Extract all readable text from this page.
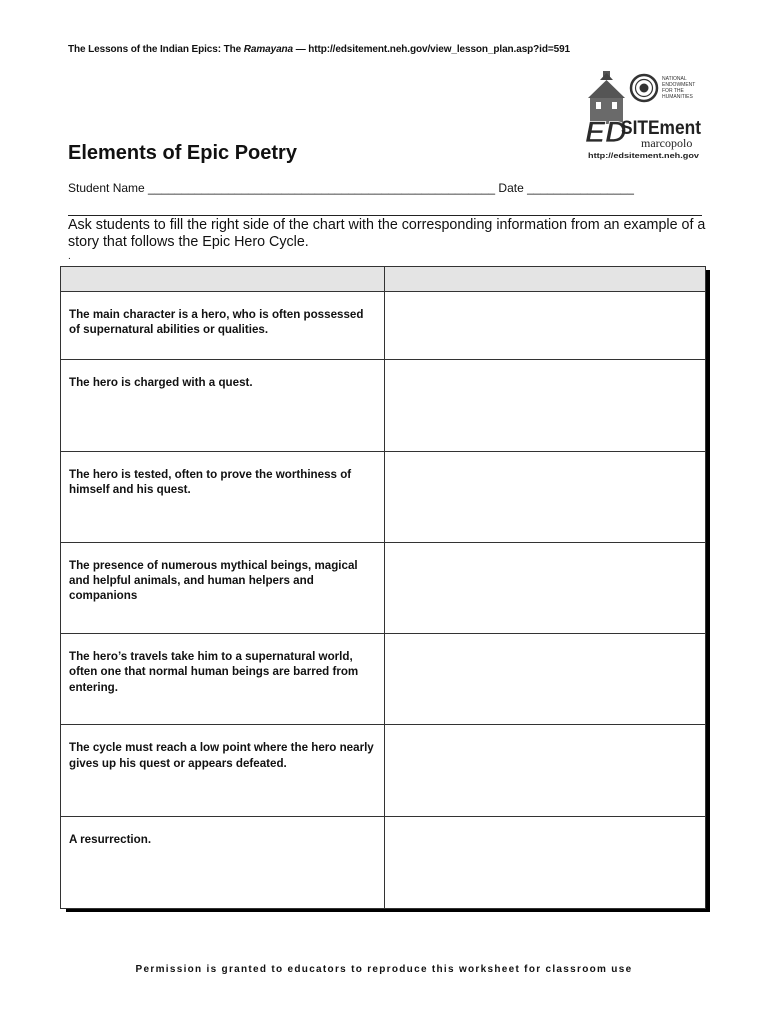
The Lessons of the Indian Epics: The Ramayana — http://edsitement.neh.gov/view_lesson_plan.asp?id=591
ED
SITEment
marcopolo
http://edsitement.neh.gov
NATIONAL
ENDOWMENT
FOR THE
HUMANITIES
Elements of Epic Poetry
Student Name ____________________________________________________ Date ________________
Ask students to fill the right side of the chart with the corresponding information from an example of a story that follows the Epic Hero Cycle.
.

The main character is a hero, who is often possessed of supernatural abilities or qualities.	

The hero is charged with a quest.	

The hero is tested, often to prove the worthiness of himself and his quest.	

The presence of numerous mythical beings, magical and helpful animals, and human helpers and companions	

The hero’s travels take him to a supernatural world, often one that normal human beings are barred from entering.	

The cycle must reach a low point where the hero nearly gives up his quest or appears defeated.	

A resurrection.	

Permission is granted to educators to reproduce this worksheet for classroom use
